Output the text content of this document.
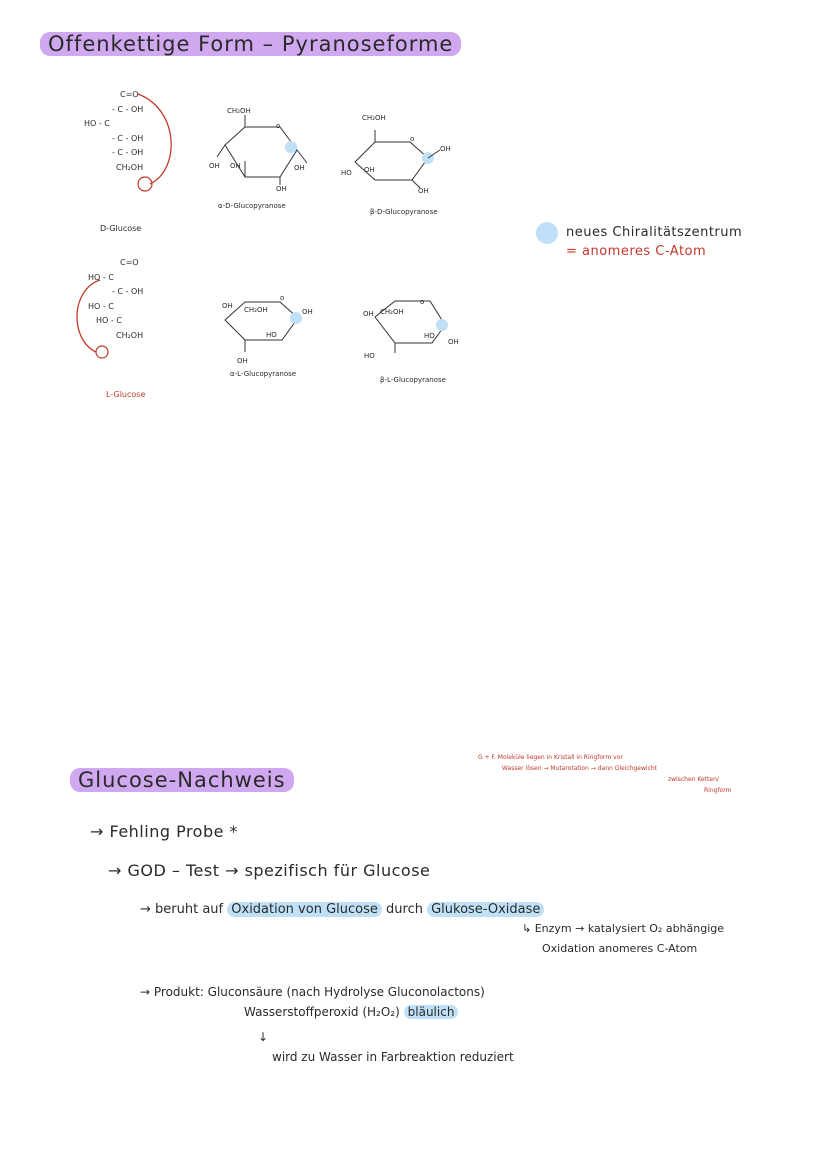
Offenkettige Form – Pyranoseforme
C=O
- C - OH
HO - C
- C - OH
- C - OH
CH₂OH
D-Glucose
C=O
HO - C
- C - OH
HO - C
HO - C
CH₂OH
L-Glucose
CH₂OH
OH OH
OH
OH
o
α-D-Glucopyranose
CH₂OH
HO OH
OH
OH
o
β-D-Glucopyranose
CH₂OH
OH
HO
OH
OH
o
α-L-Glucopyranose
CH₂OH
OH
HO
HO
OH
o
β-L-Glucopyranose
neues Chiralitätszentrum
= anomeres C-Atom
Glucose-Nachweis
G + F. Moleküle liegen in Kristall in Ringform vor
Wasser lösen → Mutarotation → dann Gleichgewicht
zwischen Ketten/
Ringform
→ Fehling Probe *
→ GOD – Test → spezifisch für Glucose
→ beruht auf Oxidation von Glucose durch Glukose-Oxidase
↳ Enzym → katalysiert O₂ abhängige
Oxidation anomeres C-Atom
→ Produkt: Gluconsäure (nach Hydrolyse Gluconolactons)
Wasserstoffperoxid (H₂O₂) bläulich
↓
wird zu Wasser in Farbreaktion reduziert
